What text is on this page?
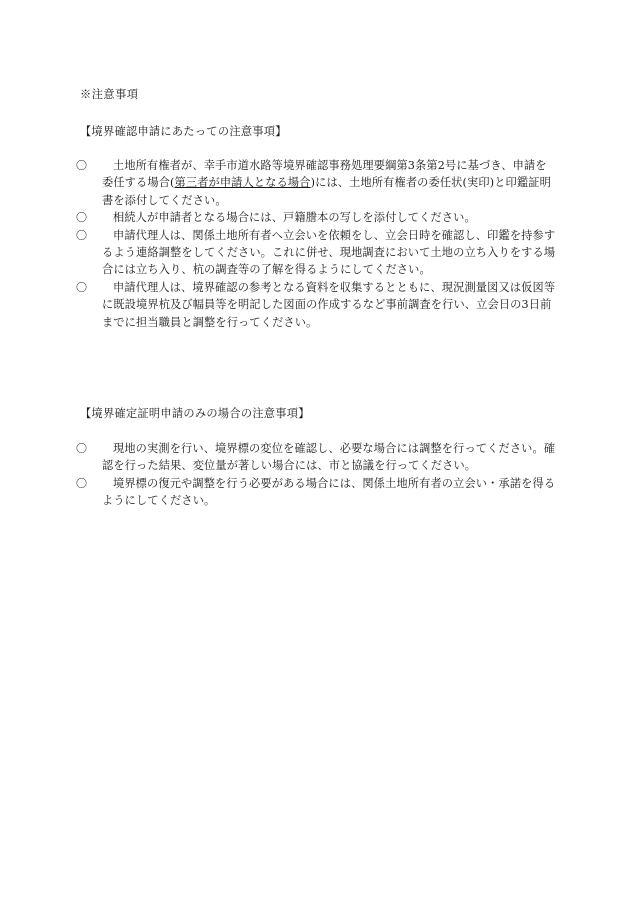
※注意事項
【境界確認申請にあたっての注意事項】
〇	土地所有権者が、幸手市道水路等境界確認事務処理要綱第3条第2号に基づき、申請を委任する場合(第三者が申請人となる場合)には、土地所有権者の委任状(実印)と印鑑証明書を添付してください。
〇	相続人が申請者となる場合には、戸籍謄本の写しを添付してください。
〇	申請代理人は、関係土地所有者へ立会いを依頼をし、立会日時を確認し、印鑑を持参するよう連絡調整をしてください。これに併せ、現地調査において土地の立ち入りをする場合には立ち入り、杭の調査等の了解を得るようにしてください。
〇	申請代理人は、境界確認の参考となる資料を収集するとともに、現況測量図又は仮図等に既設境界杭及び幅員等を明記した図面の作成するなど事前調査を行い、立会日の3日前までに担当職員と調整を行ってください。
【境界確定証明申請のみの場合の注意事項】
〇	現地の実測を行い、境界標の変位を確認し、必要な場合には調整を行ってください。確認を行った結果、変位量が著しい場合には、市と協議を行ってください。
〇	境界標の復元や調整を行う必要がある場合には、関係土地所有者の立会い・承諾を得るようにしてください。
